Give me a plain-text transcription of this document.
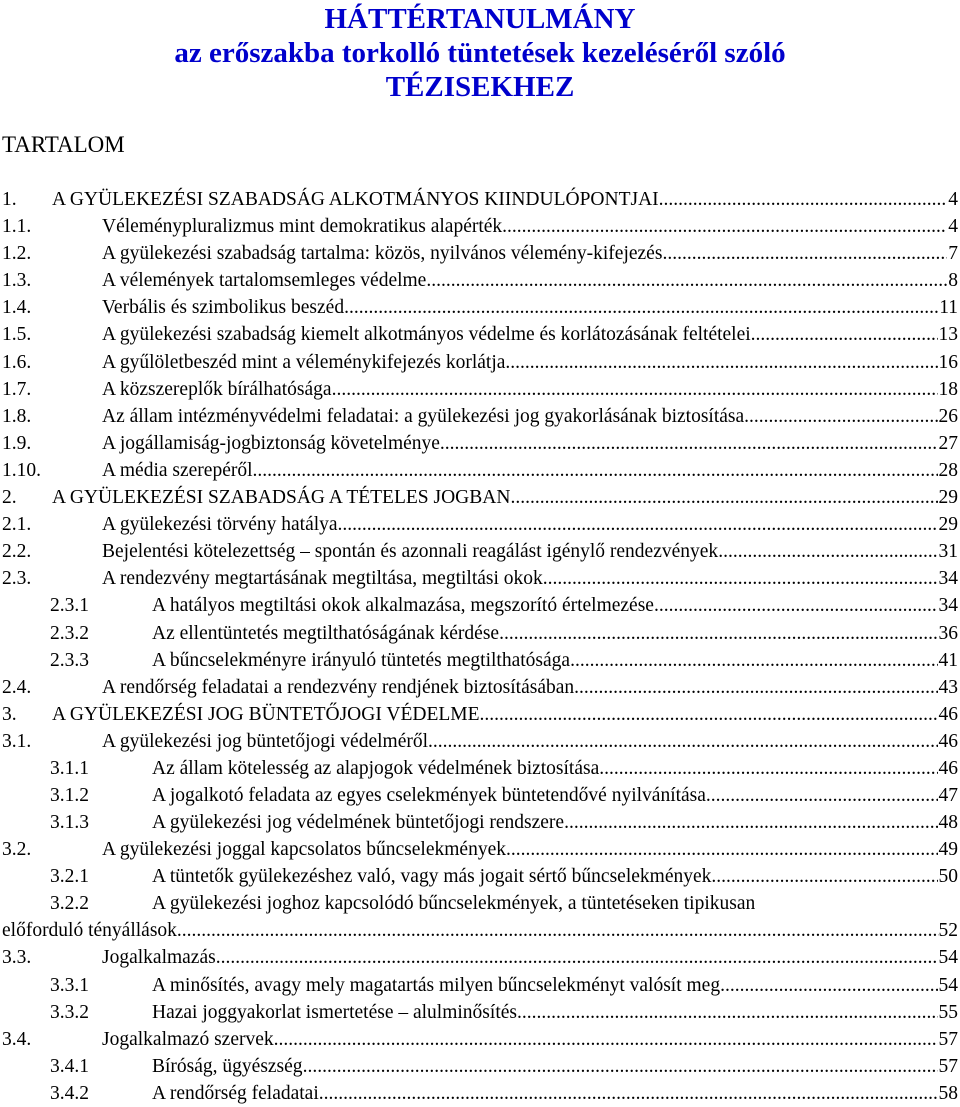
HÁTTÉRTANULMÁNY
az erőszakba torkolló tüntetések kezeléséről szóló
TÉZISEKHEZ
TARTALOM
1. A GYÜLEKEZÉSI SZABADSÁG ALKOTMÁNYOS KIINDULÓPONTJAI .....	4
1.1.	Véleménypluralizmus mint demokratikus alapérték .....	4
1.2.	A gyülekezési szabadság tartalma: közös, nyilvános vélemény-kifejezés .....	7
1.3.	A vélemények tartalomsemleges védelme .....	8
1.4.	Verbális és szimbolikus beszéd .....	11
1.5.	A gyülekezési szabadság kiemelt alkotmányos védelme és korlátozásának feltételei .....	13
1.6.	A gyűlöletbeszéd mint a véleménykifejezés korlátja .....	16
1.7.	A közszereplők bírálhatósága .....	18
1.8.	Az állam intézményvédelmi feladatai: a gyülekezési jog gyakorlásának biztosítása .....	26
1.9.	A jogállamiság-jogbiztonság követelménye .....	27
1.10.	A média szerepéről .....	28
2. A GYÜLEKEZÉSI SZABADSÁG A TÉTELES JOGBAN .....	29
2.1.	A gyülekezési törvény hatálya .....	29
2.2.	Bejelentési kötelezettség – spontán és azonnali reagálást igénylő rendezvények .....	31
2.3.	A rendezvény megtartásának megtiltása, megtiltási okok .....	34
2.3.1	A hatályos megtiltási okok alkalmazása, megszorító értelmezése .....	34
2.3.2	Az ellentüntetés megtilthatóságának kérdése .....	36
2.3.3	A bűncselekményre irányuló tüntetés megtilthatósága .....	41
2.4.	A rendőrség feladatai a rendezvény rendjének biztosításában .....	43
3. A GYÜLEKEZÉSI JOG BÜNTETŐJOGI VÉDELME .....	46
3.1.	A gyülekezési jog büntetőjogi védelméről .....	46
3.1.1	Az állam kötelesség az alapjogok védelmének biztosítása .....	46
3.1.2	A jogalkotó feladata az egyes cselekmények büntetendővé nyilvánítása .....	47
3.1.3	A gyülekezési jog védelmének büntetőjogi rendszere .....	48
3.2.	A gyülekezési joggal kapcsolatos bűncselekmények .....	49
3.2.1	A tüntetők gyülekezéshez való, vagy más jogait sértő bűncselekmények .....	50
3.2.2	A gyülekezési joghoz kapcsolódó bűncselekmények, a tüntetéseken tipikusan
előforduló tényállások .....	52
3.3.	Jogalkalmazás .....	54
3.3.1	A minősítés, avagy mely magatartás milyen bűncselekményt valósít meg .....	54
3.3.2	Hazai joggyakorlat ismertetése – alulminősítés .....	55
3.4.	Jogalkalmazó szervek .....	57
3.4.1	Bíróság, ügyészség .....	57
3.4.2	A rendőrség feladatai .....	58
